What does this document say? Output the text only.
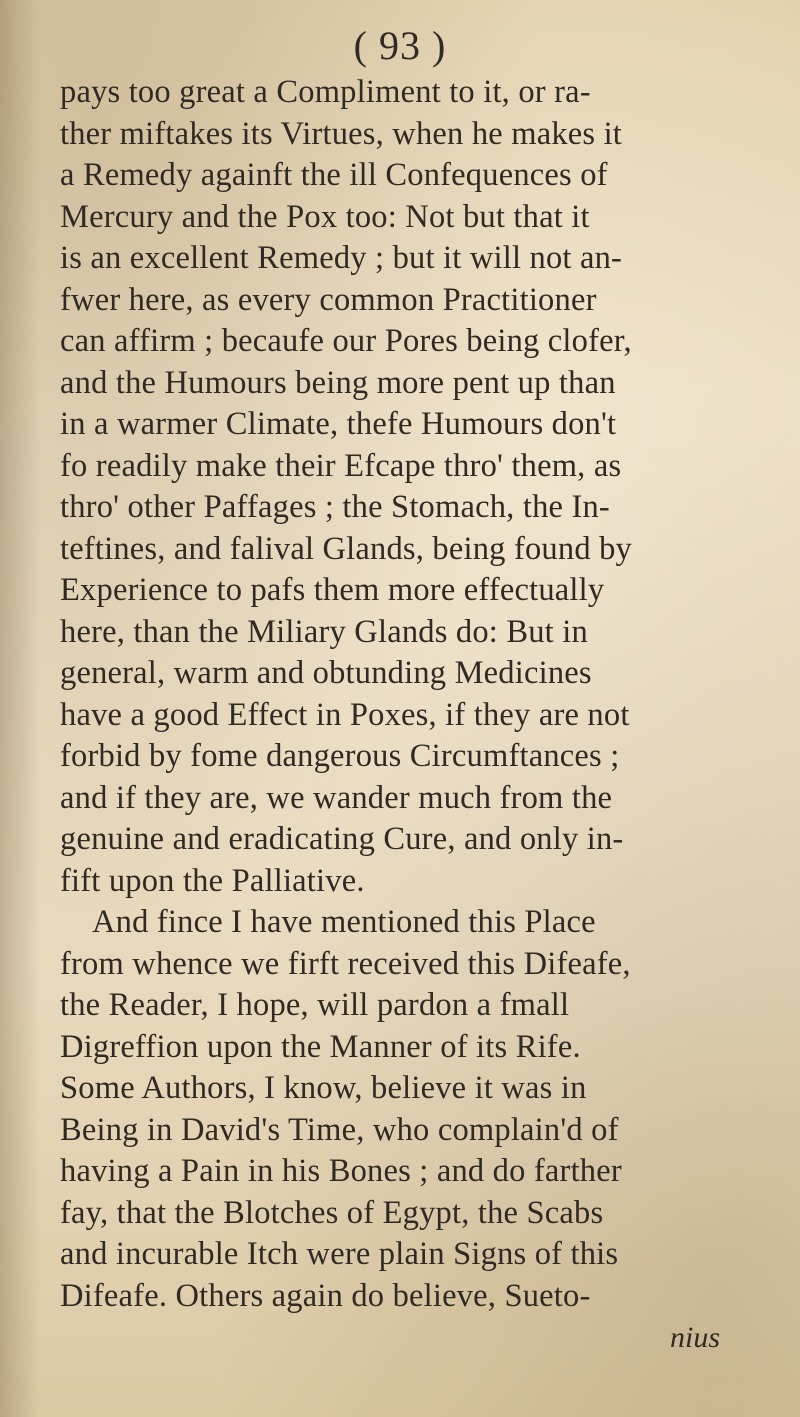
( 93 )
pays too great a Compliment to it, or ra-
ther miftakes its Virtues, when he makes it
a Remedy againft the ill Confequences of
Mercury and the Pox too: Not but that it
is an excellent Remedy ; but it will not an-
fwer here, as every common Practitioner
can affirm ; becaufe our Pores being clofer,
and the Humours being more pent up than
in a warmer Climate, thefe Humours don't
fo readily make their Efcape thro' them, as
thro' other Paffages ; the Stomach, the In-
teftines, and falival Glands, being found by
Experience to pafs them more effectually
here, than the Miliary Glands do: But in
general, warm and obtunding Medicines
have a good Effect in Poxes, if they are not
forbid by fome dangerous Circumftances ;
and if they are, we wander much from the
genuine and eradicating Cure, and only in-
fift upon the Palliative.
And fince I have mentioned this Place
from whence we firft received this Difeafe,
the Reader, I hope, will pardon a fmall
Digreffion upon the Manner of its Rife.
Some Authors, I know, believe it was in
Being in David's Time, who complain'd of
having a Pain in his Bones ; and do farther
fay, that the Blotches of Egypt, the Scabs
and incurable Itch were plain Signs of this
Difeafe. Others again do believe, Sueto-
nius
